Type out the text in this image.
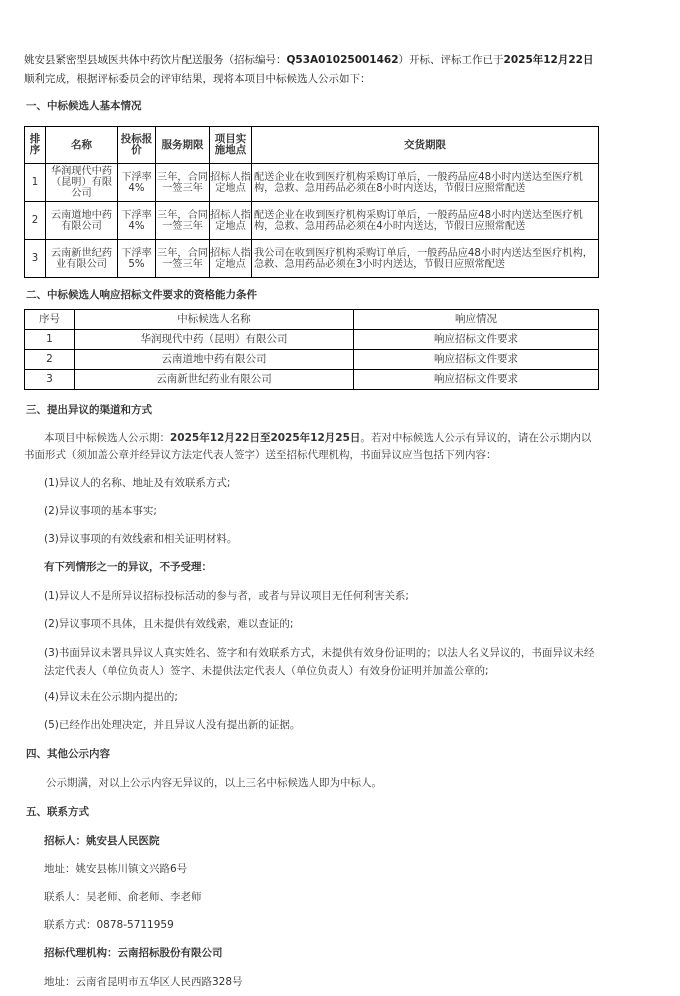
姚安县紧密型县域医共体中药饮片配送服务（招标编号：Q53A01025001462）开标、评标工作已于2025年12月22日顺利完成，根据评标委员会的评审结果，现将本项目中标候选人公示如下：
一、中标候选人基本情况
排序	名称	投标报价	服务期限	项目实施地点	交货期限
1	华润现代中药（昆明）有限公司	下浮率4%	三年，合同一签三年	招标人指定地点	配送企业在收到医疗机构采购订单后，一般药品应48小时内送达至医疗机构，急救、急用药品必须在8小时内送达，节假日应照常配送

2	云南道地中药有限公司	下浮率4%	三年，合同一签三年	招标人指定地点	配送企业在收到医疗机构采购订单后，一般药品应48小时内送达至医疗机构，急救、急用药品必须在4小时内送达，节假日应照常配送

3	云南新世纪药业有限公司	下浮率5%	三年，合同一签三年	招标人指定地点	我公司在收到医疗机构采购订单后，一般药品应48小时内送达至医疗机构，急救、急用药品必须在3小时内送达，节假日应照常配送
二、中标候选人响应招标文件要求的资格能力条件
序号	中标候选人名称	响应情况
1	华润现代中药（昆明）有限公司	响应招标文件要求
2	云南道地中药有限公司	响应招标文件要求
3	云南新世纪药业有限公司	响应招标文件要求
三、提出异议的渠道和方式
本项目中标候选人公示期：2025年12月22日至2025年12月25日。若对中标候选人公示有异议的，请在公示期内以书面形式（须加盖公章并经异议方法定代表人签字）送至招标代理机构，书面异议应当包括下列内容：
(1)异议人的名称、地址及有效联系方式;
(2)异议事项的基本事实;
(3)异议事项的有效线索和相关证明材料。
有下列情形之一的异议，不予受理：
(1)异议人不是所异议招标投标活动的参与者，或者与异议项目无任何利害关系;
(2)异议事项不具体，且未提供有效线索，难以查证的;
(3)书面异议未署具异议人真实姓名、签字和有效联系方式，未提供有效身份证明的；以法人名义异议的，书面异议未经法定代表人（单位负责人）签字、未提供法定代表人（单位负责人）有效身份证明并加盖公章的;
(4)异议未在公示期内提出的;
(5)已经作出处理决定，并且异议人没有提出新的证据。
四、其他公示内容
公示期满，对以上公示内容无异议的，以上三名中标候选人即为中标人。
五、联系方式
招标人：姚安县人民医院
地址：姚安县栋川镇文兴路6号
联系人：吴老师、俞老师、李老师
联系方式：0878-5711959
招标代理机构：云南招标股份有限公司
地址：云南省昆明市五华区人民西路328号
